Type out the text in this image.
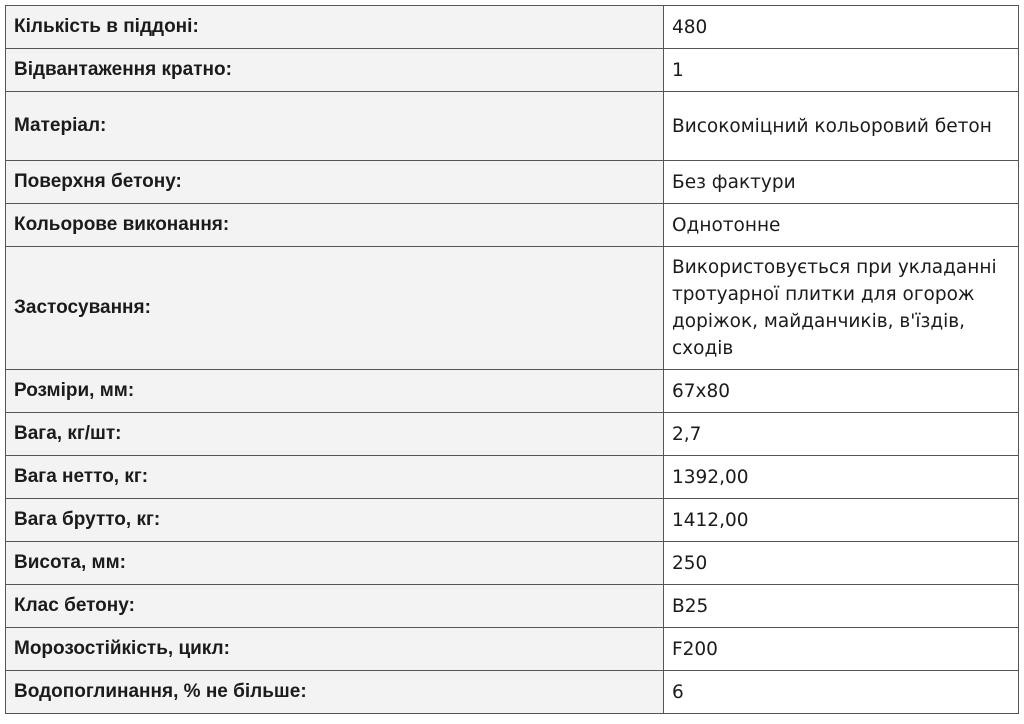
Кількість в піддоні:	480
Відвантаження кратно:	1
Матеріал:	Високоміцний кольоровий бетон
Поверхня бетону:	Без фактури
Кольорове виконання:	Однотонне
Застосування:	Використовується при укладанні тротуарної плитки для огорож доріжок, майданчиків, в'їздів, сходів
Розміри, мм:	67х80
Вага, кг/шт:	2,7
Вага нетто, кг:	1392,00
Вага брутто, кг:	1412,00
Висота, мм:	250
Клас бетону:	В25
Морозостійкість, цикл:	F200
Водопоглинання, % не більше:	6
